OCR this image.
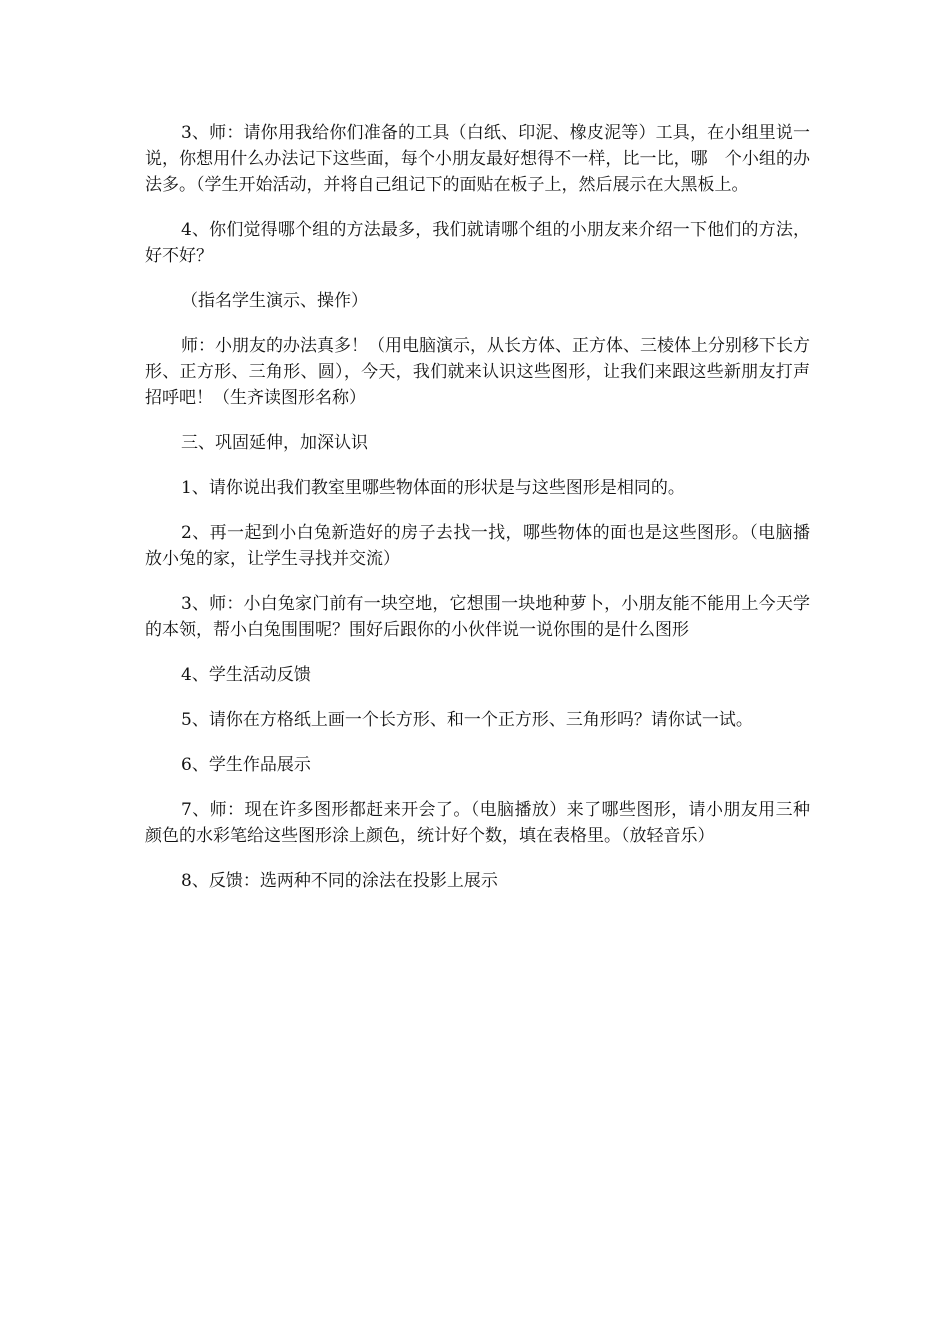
3、师：请你用我给你们准备的工具（白纸、印泥、橡皮泥等）工具，在小组里说一说，你想用什么办法记下这些面，每个小朋友最好想得不一样，比一比，哪　个小组的办法多。（学生开始活动，并将自己组记下的面贴在板子上，然后展示在大黑板上。

4、你们觉得哪个组的方法最多，我们就请哪个组的小朋友来介绍一下他们的方法，好不好？

（指名学生演示、操作）

师：小朋友的办法真多！（用电脑演示，从长方体、正方体、三棱体上分别移下长方形、正方形、三角形、圆），今天，我们就来认识这些图形，让我们来跟这些新朋友打声招呼吧！（生齐读图形名称）

三、巩固延伸，加深认识

1、请你说出我们教室里哪些物体面的形状是与这些图形是相同的。

2、再一起到小白兔新造好的房子去找一找，哪些物体的面也是这些图形。（电脑播放小兔的家，让学生寻找并交流）

3、师：小白兔家门前有一块空地，它想围一块地种萝卜，小朋友能不能用上今天学的本领，帮小白兔围围呢？围好后跟你的小伙伴说一说你围的是什么图形

4、学生活动反馈

5、请你在方格纸上画一个长方形、和一个正方形、三角形吗？请你试一试。

6、学生作品展示

7、师：现在许多图形都赶来开会了。（电脑播放）来了哪些图形，请小朋友用三种颜色的水彩笔给这些图形涂上颜色，统计好个数，填在表格里。（放轻音乐）

8、反馈：选两种不同的涂法在投影上展示
